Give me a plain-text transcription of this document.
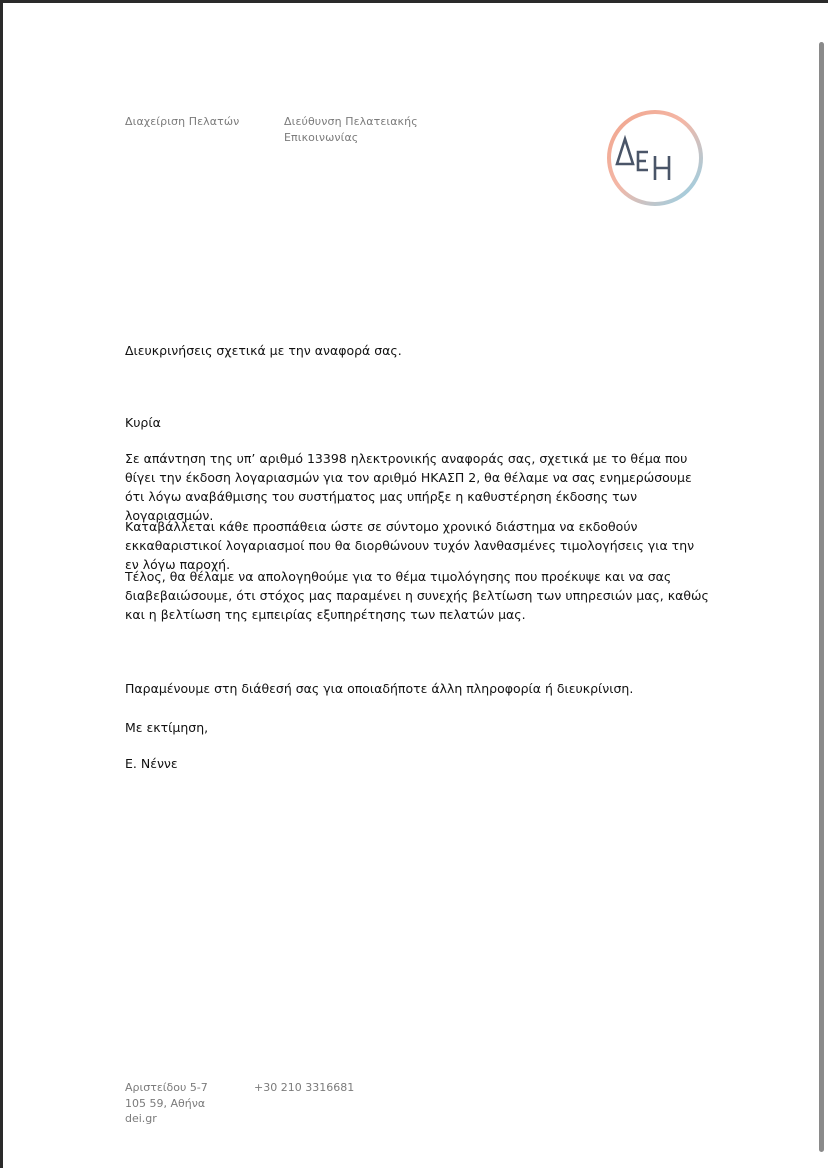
Διαχείριση Πελατών	Διεύθυνση Πελατειακής
Επικοινωνίας
Διευκρινήσεις σχετικά με την αναφορά σας.
Κυρία
Σε απάντηση της υπ’ αριθμό 13398 ηλεκτρονικής αναφοράς σας, σχετικά με το θέμα που θίγει την έκδοση λογαριασμών για τον αριθμό ΗΚΑΣΠ 2, θα θέλαμε να σας ενημερώσουμε ότι λόγω αναβάθμισης του συστήματος μας υπήρξε η καθυστέρηση έκδοσης των λογαριασμών.
Καταβάλλεται κάθε προσπάθεια ώστε σε σύντομο χρονικό διάστημα να εκδοθούν εκκαθαριστικοί λογαριασμοί που θα διορθώνουν τυχόν λανθασμένες τιμολογήσεις για την εν λόγω παροχή.
Τέλος, θα θέλαμε να απολογηθούμε για το θέμα τιμολόγησης που προέκυψε και να σας διαβεβαιώσουμε, ότι στόχος μας παραμένει η συνεχής βελτίωση των υπηρεσιών μας, καθώς και η βελτίωση της εμπειρίας εξυπηρέτησης των πελατών μας.
Παραμένουμε στη διάθεσή σας για οποιαδήποτε άλλη πληροφορία ή διευκρίνιση.
Με εκτίμηση,
Ε. Νέννε
Αριστείδου 5-7
105 59, Αθήνα
dei.gr
+30 210 3316681
